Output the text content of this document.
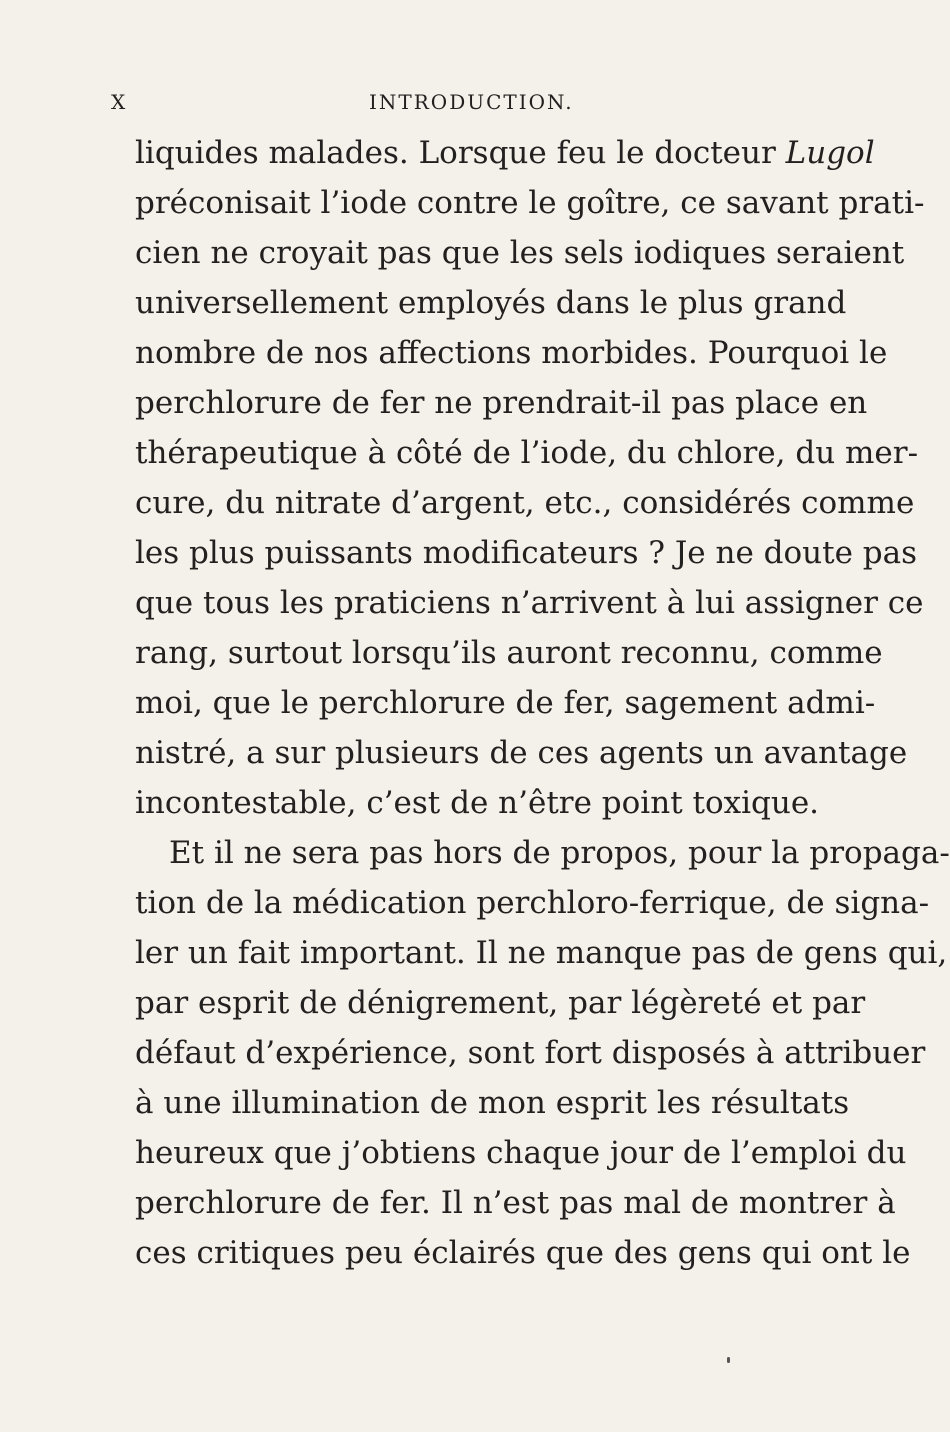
X	INTRODUCTION.
liquides malades. Lorsque feu le docteur Lugol
préconisait l’iode contre le goître, ce savant prati-
cien ne croyait pas que les sels iodiques seraient
universellement employés dans le plus grand
nombre de nos affections morbides. Pourquoi le
perchlorure de fer ne prendrait-il pas place en
thérapeutique à côté de l’iode, du chlore, du mer-
cure, du nitrate d’argent, etc., considérés comme
les plus puissants modificateurs ? Je ne doute pas
que tous les praticiens n’arrivent à lui assigner ce
rang, surtout lorsqu’ils auront reconnu, comme
moi, que le perchlorure de fer, sagement admi-
nistré, a sur plusieurs de ces agents un avantage
incontestable, c’est de n’être point toxique.
Et il ne sera pas hors de propos, pour la propaga-
tion de la médication perchloro-ferrique, de signa-
ler un fait important. Il ne manque pas de gens qui,
par esprit de dénigrement, par légèreté et par
défaut d’expérience, sont fort disposés à attribuer
à une illumination de mon esprit les résultats
heureux que j’obtiens chaque jour de l’emploi du
perchlorure de fer. Il n’est pas mal de montrer à
ces critiques peu éclairés que des gens qui ont le
